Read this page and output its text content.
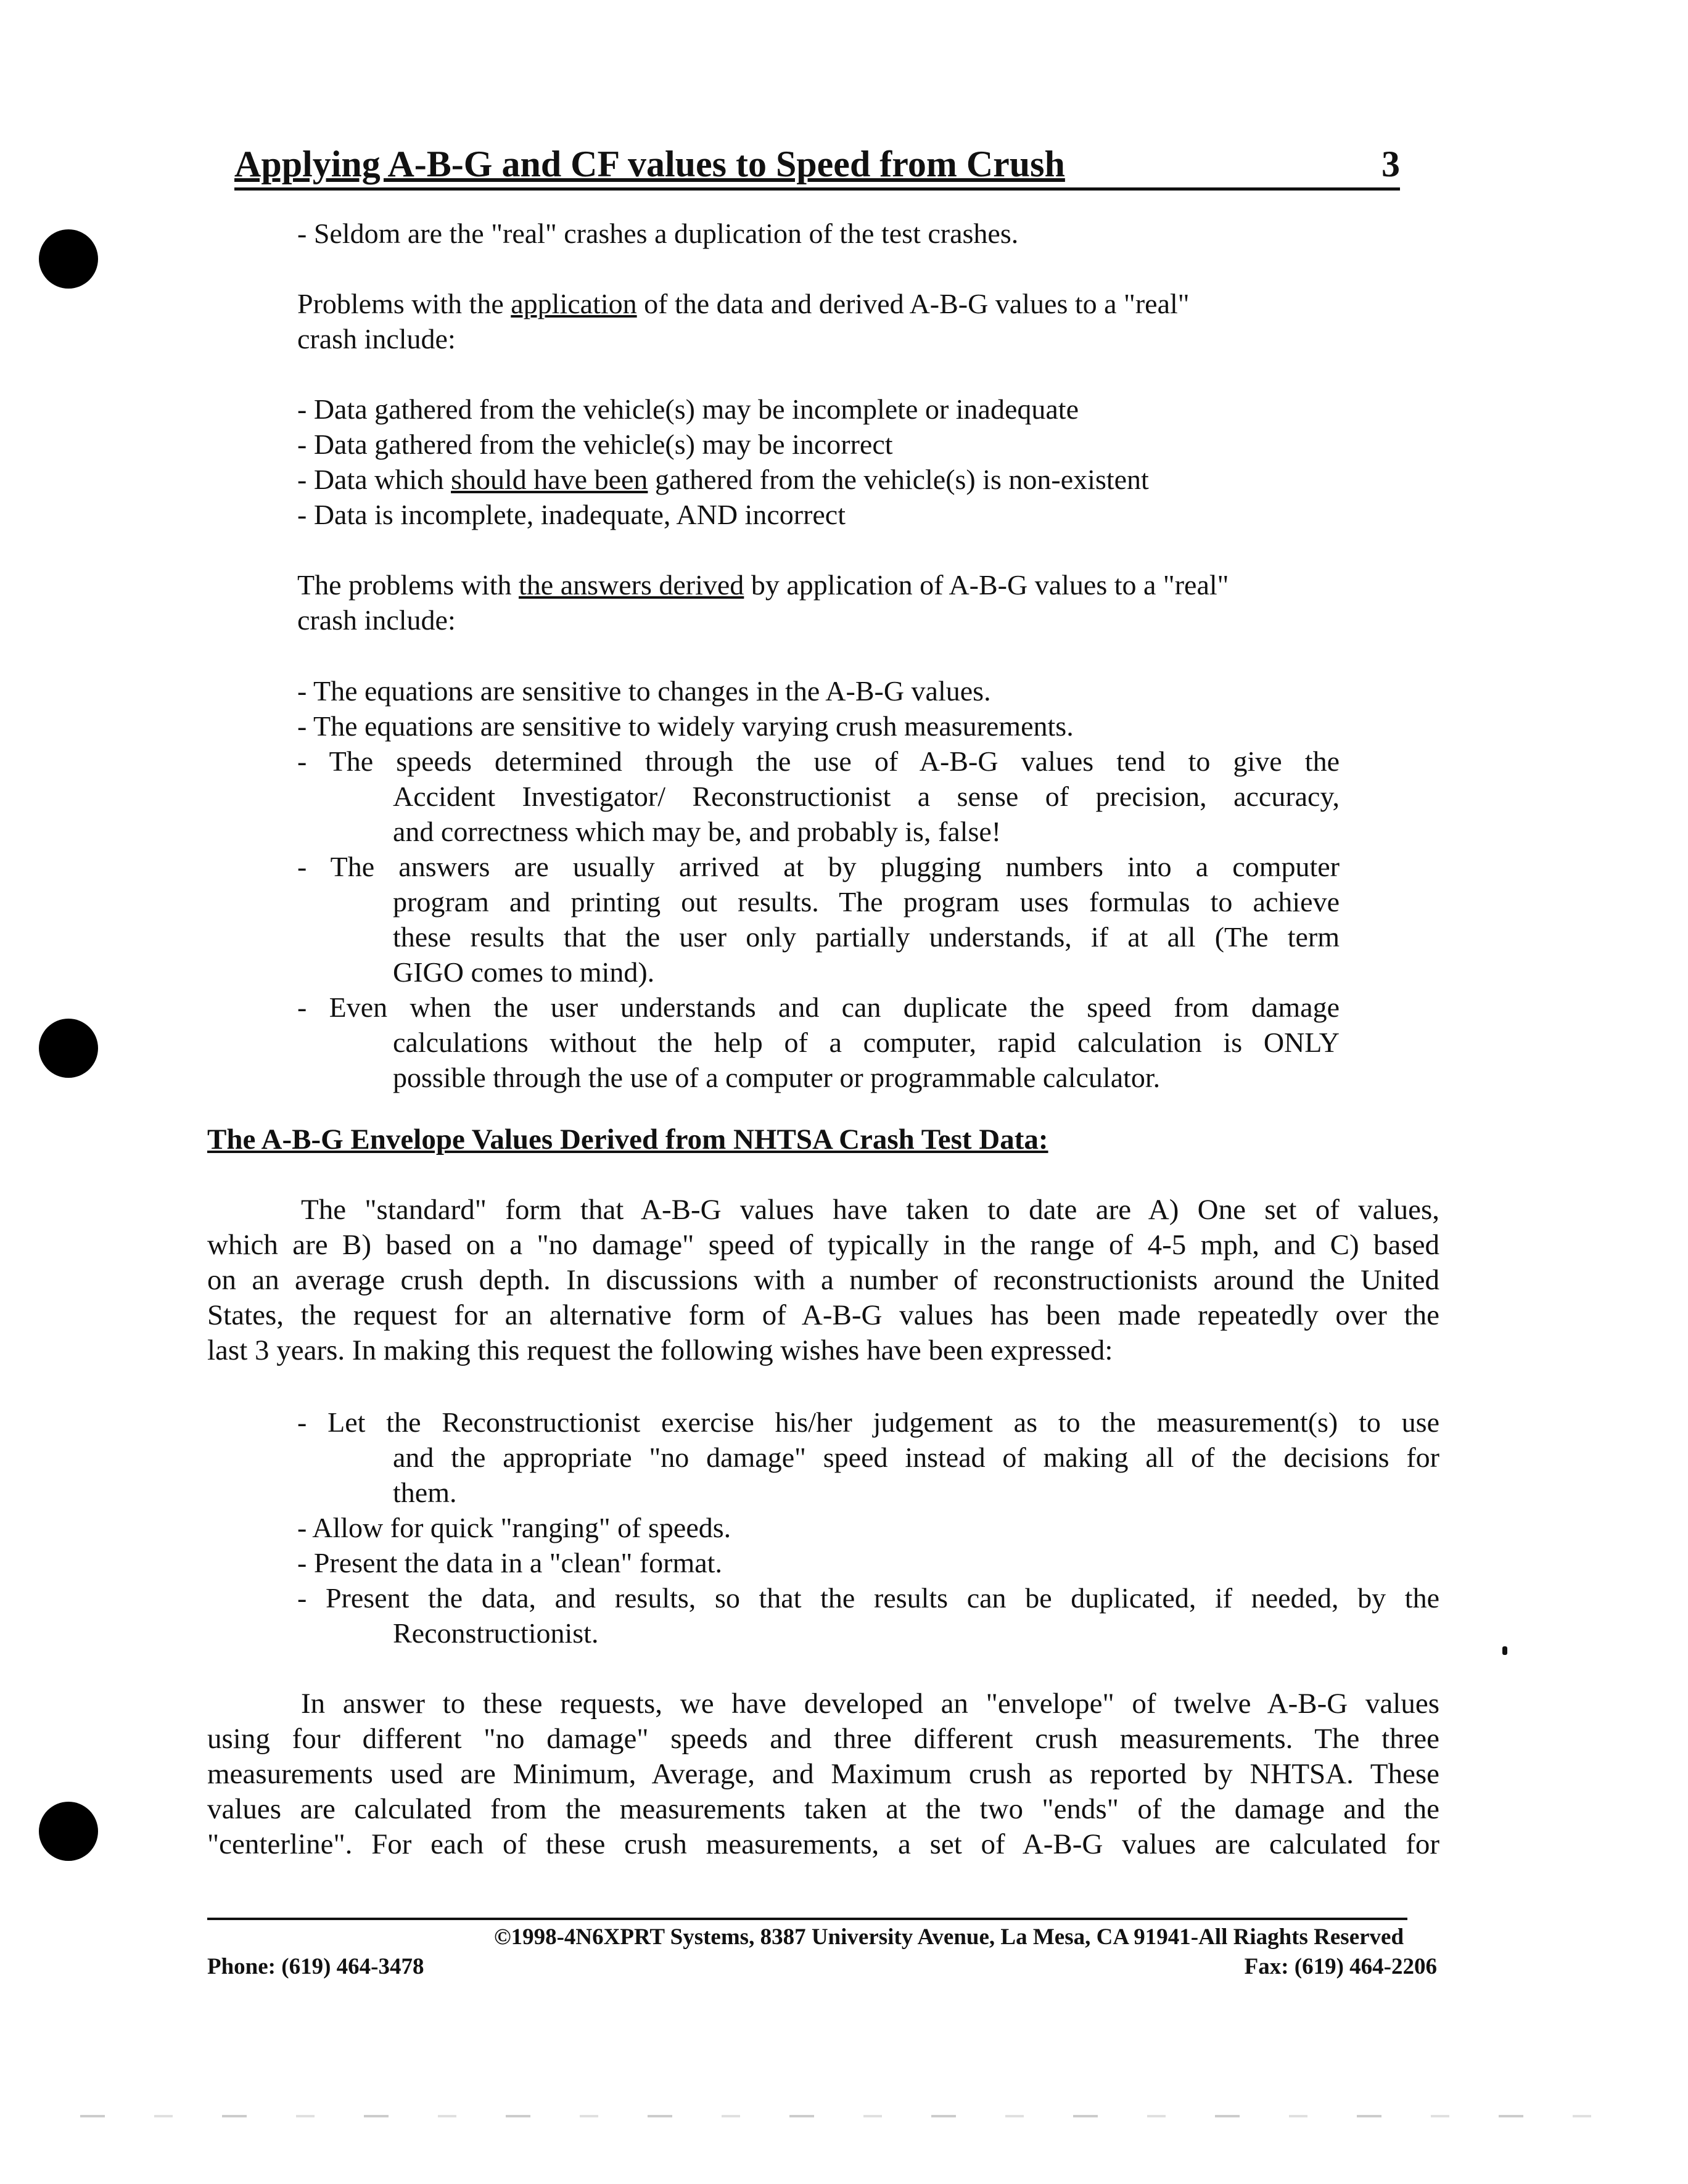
Applying A-B-G and CF values to Speed from Crush	3
- Seldom are the "real" crashes a duplication of the test crashes.
Problems with the application of the data and derived A-B-G values to a "real"
crash include:
- Data gathered from the vehicle(s) may be incomplete or inadequate
- Data gathered from the vehicle(s) may be incorrect
- Data which should have been gathered from the vehicle(s) is non-existent
- Data is incomplete, inadequate, AND incorrect
The problems with the answers derived by application of A-B-G values to a "real"
crash include:
- The equations are sensitive to changes in the A-B-G values.
- The equations are sensitive to widely varying crush measurements.
- The speeds determined through the use of A-B-G values tend to give the
Accident Investigator/ Reconstructionist a sense of precision, accuracy,
and correctness which may be, and probably is, false!
- The answers are usually arrived at by plugging numbers into a computer
program and printing out results. The program uses formulas to achieve
these results that the user only partially understands, if at all (The term
GIGO comes to mind).
- Even when the user understands and can duplicate the speed from damage
calculations without the help of a computer, rapid calculation is ONLY
possible through the use of a computer or programmable calculator.
The A-B-G Envelope Values Derived from NHTSA Crash Test Data:
The "standard" form that A-B-G values have taken to date are A) One set of values,
which are B) based on a "no damage" speed of typically in the range of 4-5 mph, and C) based
on an average crush depth. In discussions with a number of reconstructionists around the United
States, the request for an alternative form of A-B-G values has been made repeatedly over the
last 3 years. In making this request the following wishes have been expressed:
- Let the Reconstructionist exercise his/her judgement as to the measurement(s) to use
and the appropriate "no damage" speed instead of making all of the decisions for
them.
- Allow for quick "ranging" of speeds.
- Present the data in a "clean" format.
- Present the data, and results, so that the results can be duplicated, if needed, by the
Reconstructionist.
In answer to these requests, we have developed an "envelope" of twelve A-B-G values
using four different "no damage" speeds and three different crush measurements. The three
measurements used are Minimum, Average, and Maximum crush as reported by NHTSA. These
values are calculated from the measurements taken at the two "ends" of the damage and the
"centerline". For each of these crush measurements, a set of A-B-G values are calculated for
©1998-4N6XPRT Systems, 8387 University Avenue, La Mesa, CA 91941-All Riaghts Reserved
Phone: (619) 464-3478	Fax: (619) 464-2206
